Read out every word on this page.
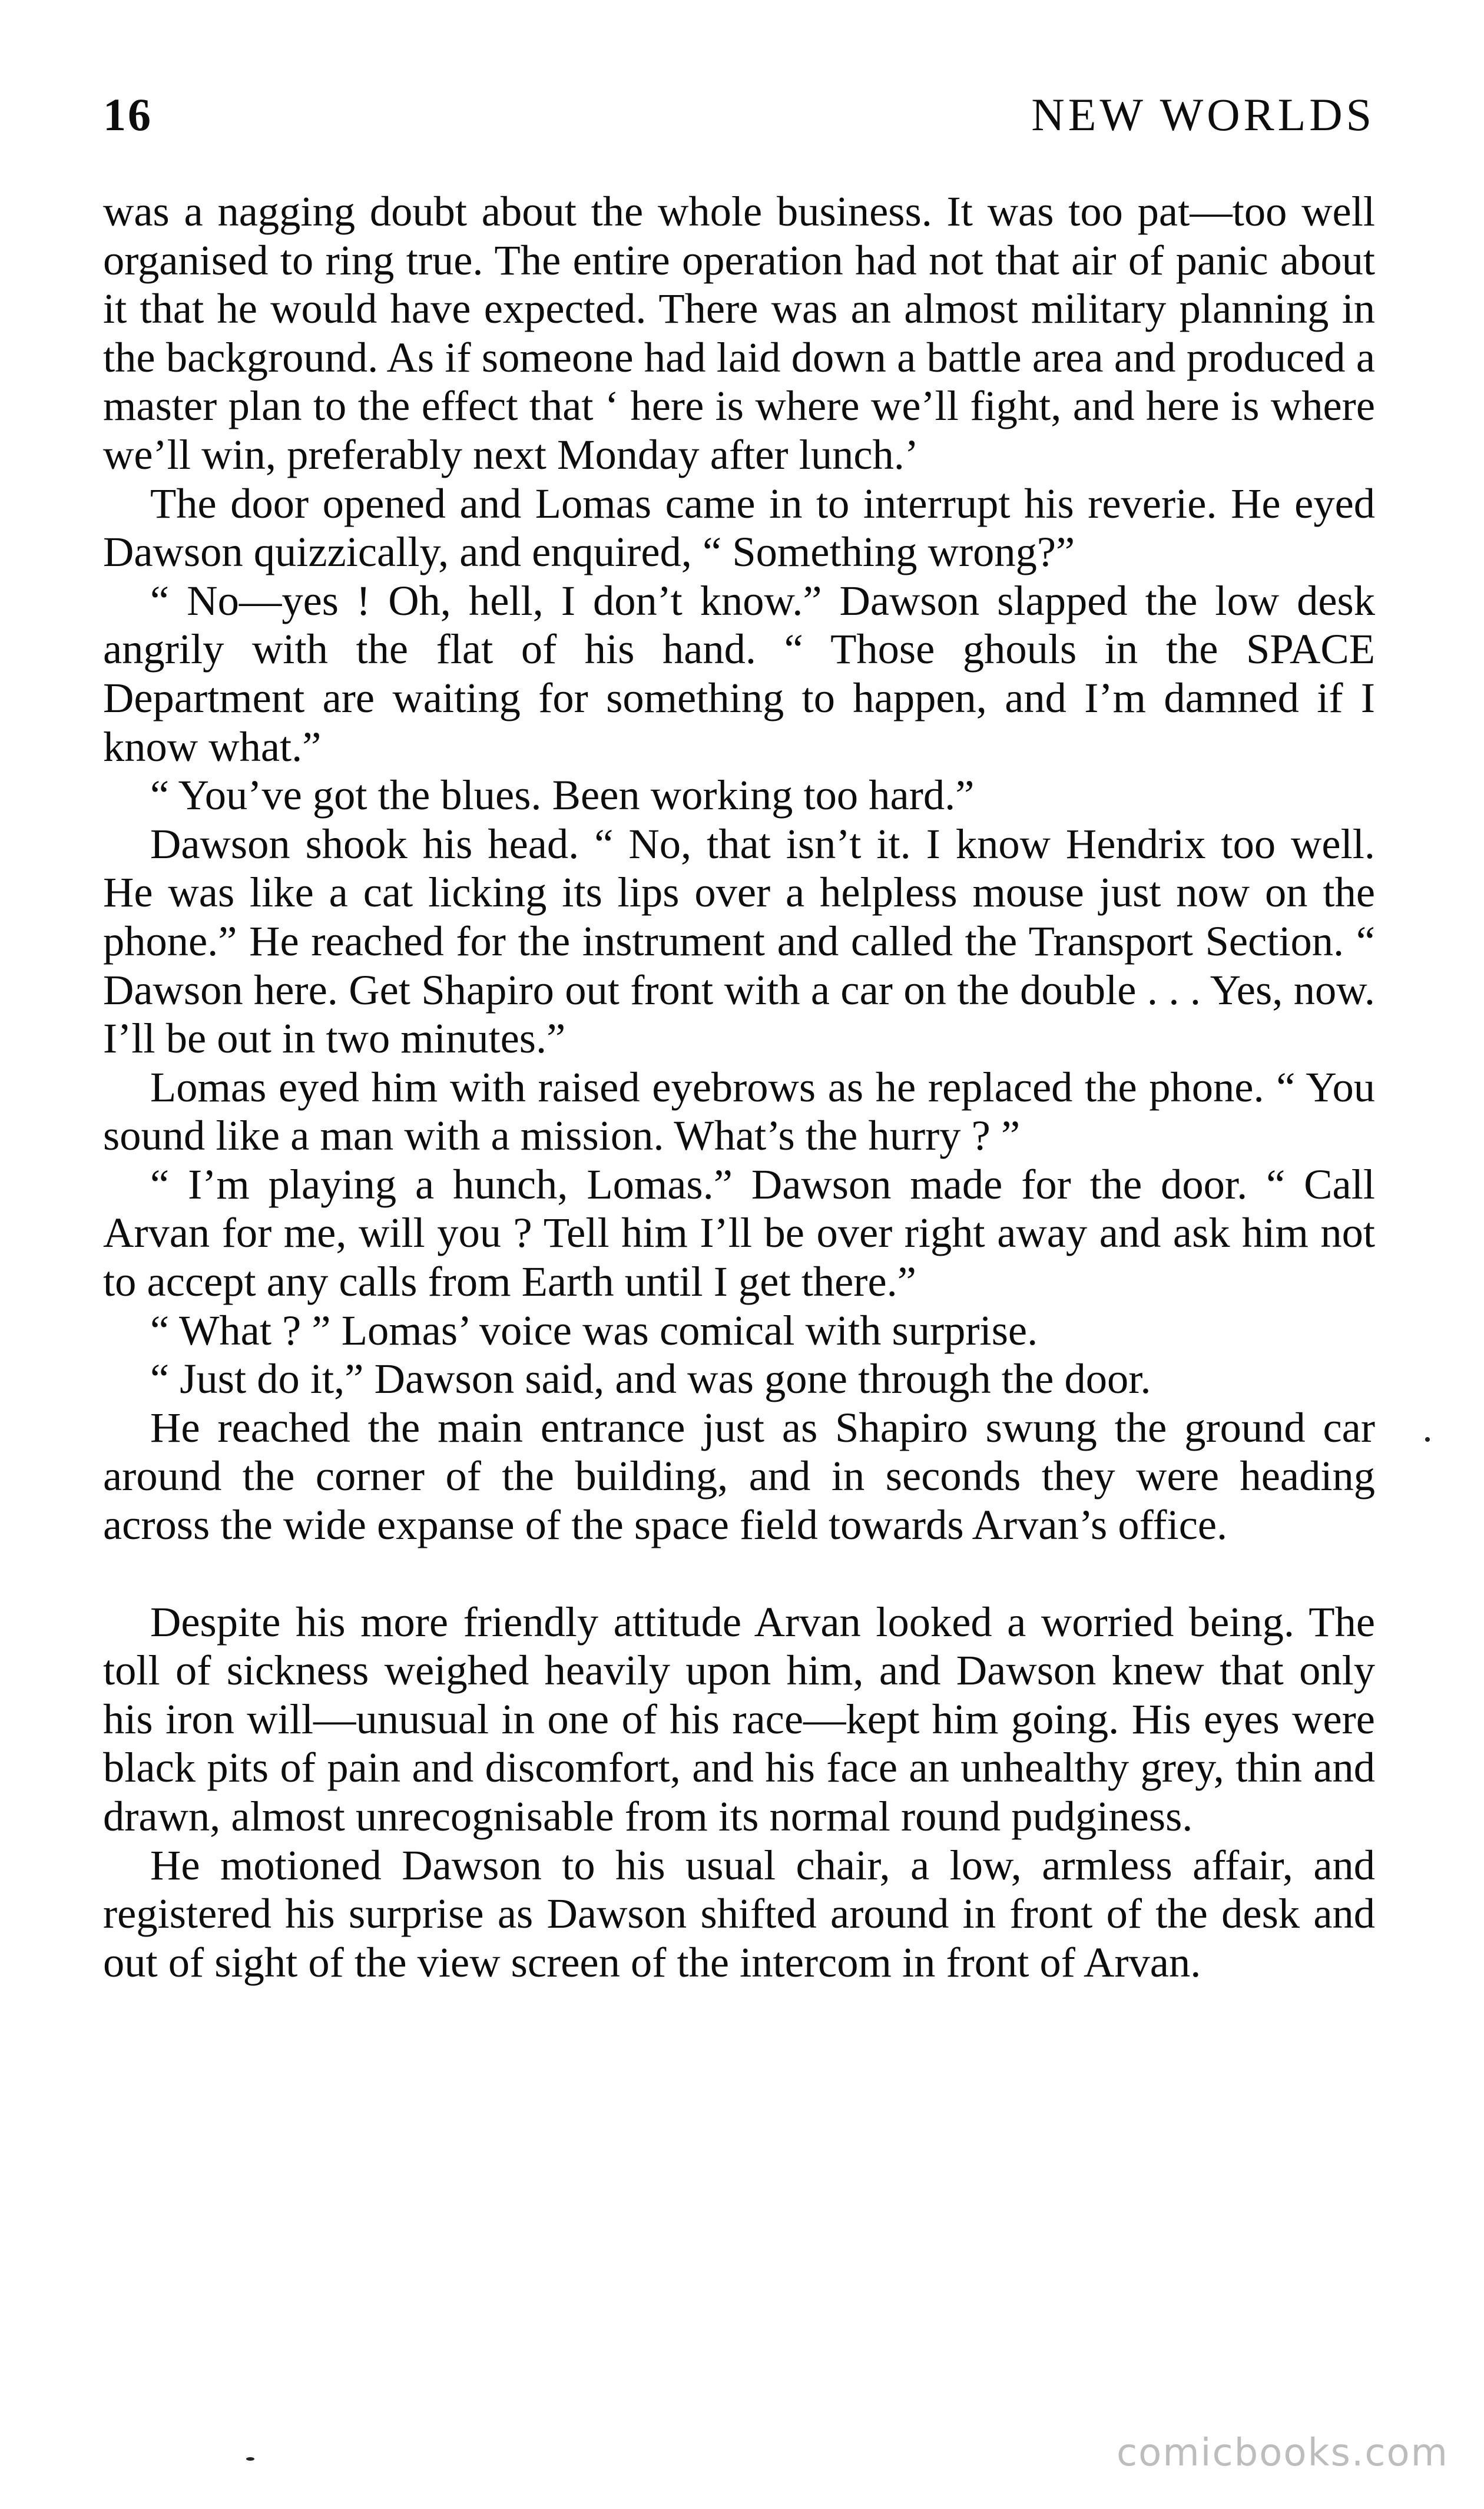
16	NEW WORLDS

was a nagging doubt about the whole business. It was too pat—too well organised to ring true. The entire operation had not that air of panic about it that he would have expected. There was an almost military planning in the background. As if someone had laid down a battle area and produced a master plan to the effect that ‘ here is where we’ll fight, and here is where we’ll win, preferably next Monday after lunch.’

The door opened and Lomas came in to interrupt his reverie. He eyed Dawson quizzically, and enquired, “ Something wrong?”

“ No—yes ! Oh, hell, I don’t know.” Dawson slapped the low desk angrily with the flat of his hand. “ Those ghouls in the SPACE Department are waiting for something to happen, and I’m damned if I know what.”

“ You’ve got the blues. Been working too hard.”

Dawson shook his head. “ No, that isn’t it. I know Hendrix too well. He was like a cat licking its lips over a helpless mouse just now on the phone.” He reached for the instrument and called the Transport Section. “ Dawson here. Get Shapiro out front with a car on the double . . . Yes, now. I’ll be out in two minutes.”

Lomas eyed him with raised eyebrows as he replaced the phone. “ You sound like a man with a mission. What’s the hurry ? ”

“ I’m playing a hunch, Lomas.” Dawson made for the door. “ Call Arvan for me, will you ? Tell him I’ll be over right away and ask him not to accept any calls from Earth until I get there.”

“ What ? ” Lomas’ voice was comical with surprise.

“ Just do it,” Dawson said, and was gone through the door.

He reached the main entrance just as Shapiro swung the ground car around the corner of the building, and in seconds they were heading across the wide expanse of the space field towards Arvan’s office.

Despite his more friendly attitude Arvan looked a worried being. The toll of sickness weighed heavily upon him, and Dawson knew that only his iron will—unusual in one of his race—kept him going. His eyes were black pits of pain and discomfort, and his face an unhealthy grey, thin and drawn, almost unrecognisable from its normal round pudginess.

He motioned Dawson to his usual chair, a low, armless affair, and registered his surprise as Dawson shifted around in front of the desk and out of sight of the view screen of the intercom in front of Arvan.

comicbooks.com
